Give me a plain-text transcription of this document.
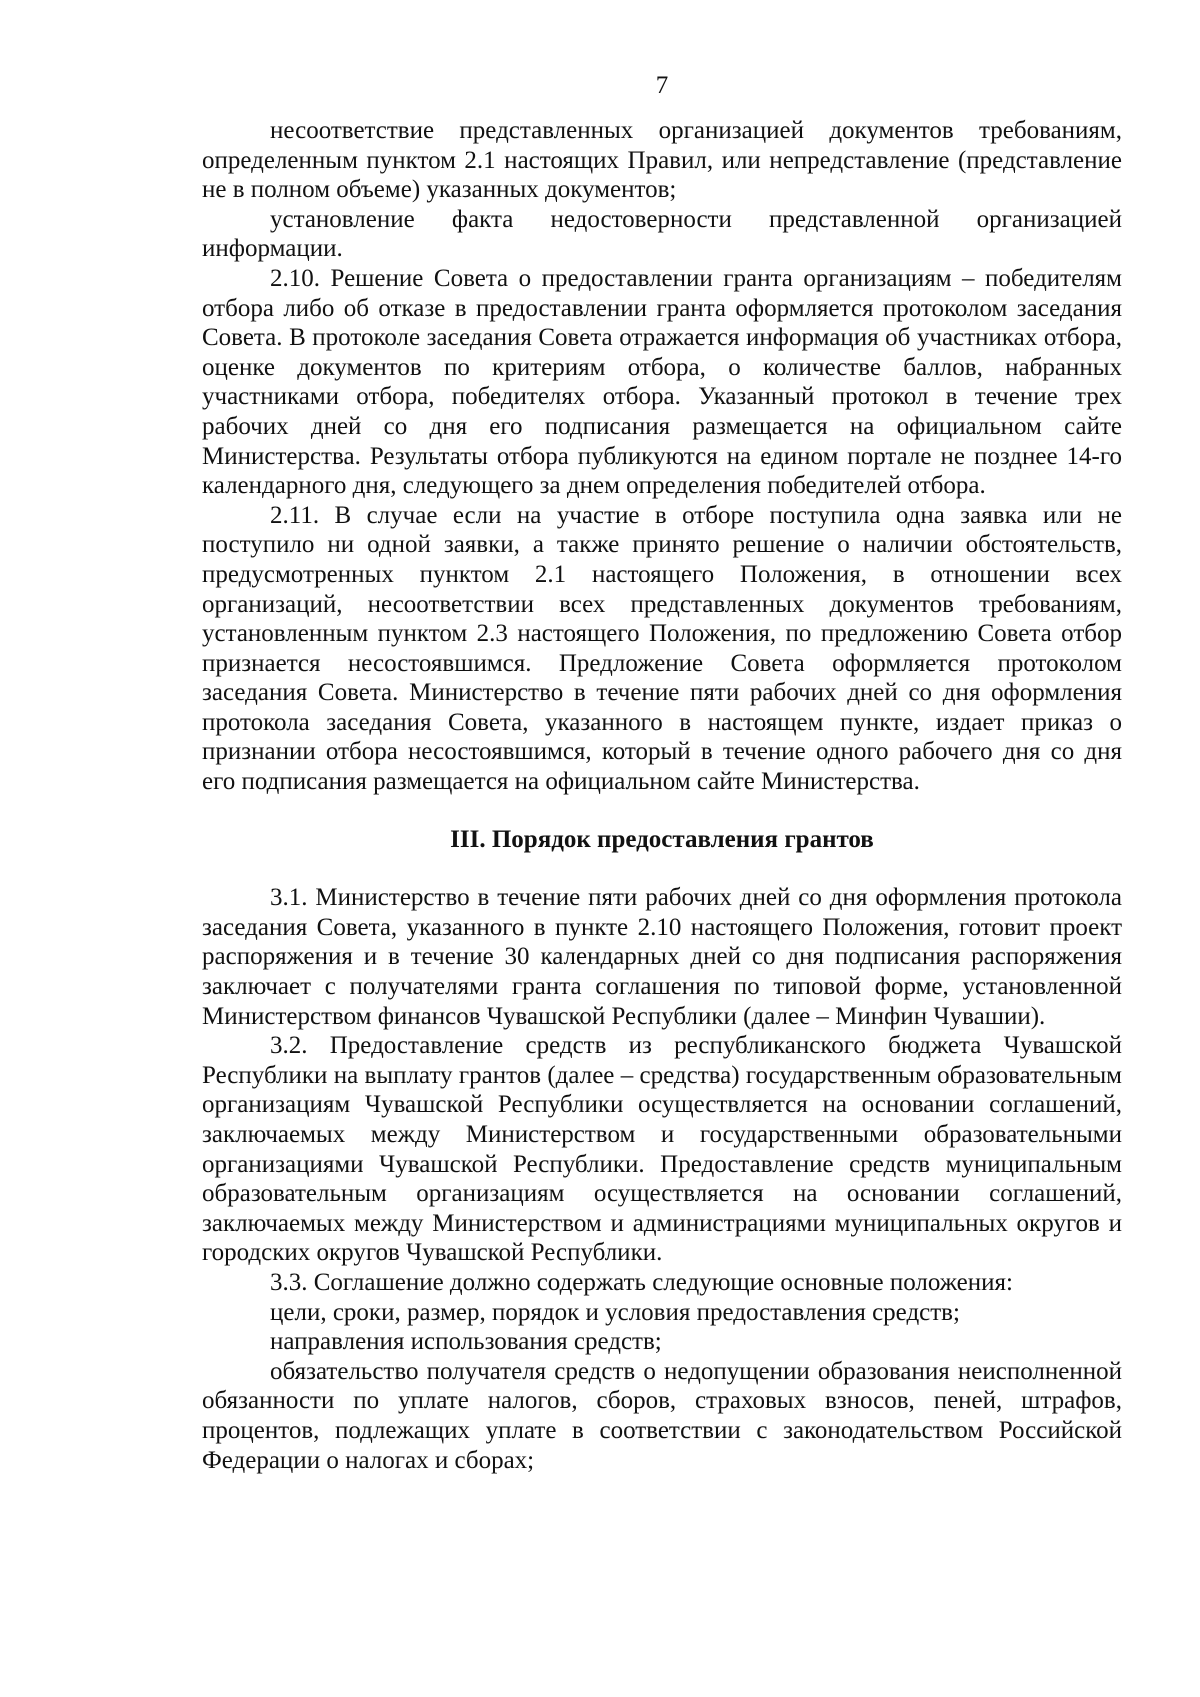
7

несоответствие представленных организацией документов требованиям, определенным пунктом 2.1 настоящих Правил, или непредставление (представление не в полном объеме) указанных документов;

установление факта недостоверности представленной организацией информации.

2.10. Решение Совета о предоставлении гранта организациям – победителям отбора либо об отказе в предоставлении гранта оформляется протоколом заседания Совета. В протоколе заседания Совета отражается информация об участниках отбора, оценке документов по критериям отбора, о количестве баллов, набранных участниками отбора, победителях отбора. Указанный протокол в течение трех рабочих дней со дня его подписания размещается на официальном сайте Министерства. Результаты отбора публикуются на едином портале не позднее 14-го календарного дня, следующего за днем определения победителей отбора.

2.11. В случае если на участие в отборе поступила одна заявка или не поступило ни одной заявки, а также принято решение о наличии обстоятельств, предусмотренных пунктом 2.1 настоящего Положения, в отношении всех организаций, несоответствии всех представленных документов требованиям, установленным пунктом 2.3 настоящего Положения, по предложению Совета отбор признается несостоявшимся. Предложение Совета оформляется протоколом заседания Совета. Министерство в течение пяти рабочих дней со дня оформления протокола заседания Совета, указанного в настоящем пункте, издает приказ о признании отбора несостоявшимся, который в течение одного рабочего дня со дня его подписания размещается на официальном сайте Министерства.

III. Порядок предоставления грантов

3.1. Министерство в течение пяти рабочих дней со дня оформления протокола заседания Совета, указанного в пункте 2.10 настоящего Положения, готовит проект распоряжения и в течение 30 календарных дней со дня подписания распоряжения заключает с получателями гранта соглашения по типовой форме, установленной Министерством финансов Чувашской Республики (далее – Минфин Чувашии).

3.2. Предоставление средств из республиканского бюджета Чувашской Республики на выплату грантов (далее – средства) государственным образовательным организациям Чувашской Республики осуществляется на основании соглашений, заключаемых между Министерством и государственными образовательными организациями Чувашской Республики. Предоставление средств муниципальным образовательным организациям осуществляется на основании соглашений, заключаемых между Министерством и администрациями муниципальных округов и городских округов Чувашской Республики.

3.3. Соглашение должно содержать следующие основные положения:

цели, сроки, размер, порядок и условия предоставления средств;

направления использования средств;

обязательство получателя средств о недопущении образования неисполненной обязанности по уплате налогов, сборов, страховых взносов, пеней, штрафов, процентов, подлежащих уплате в соответствии с законодательством Российской Федерации о налогах и сборах;
